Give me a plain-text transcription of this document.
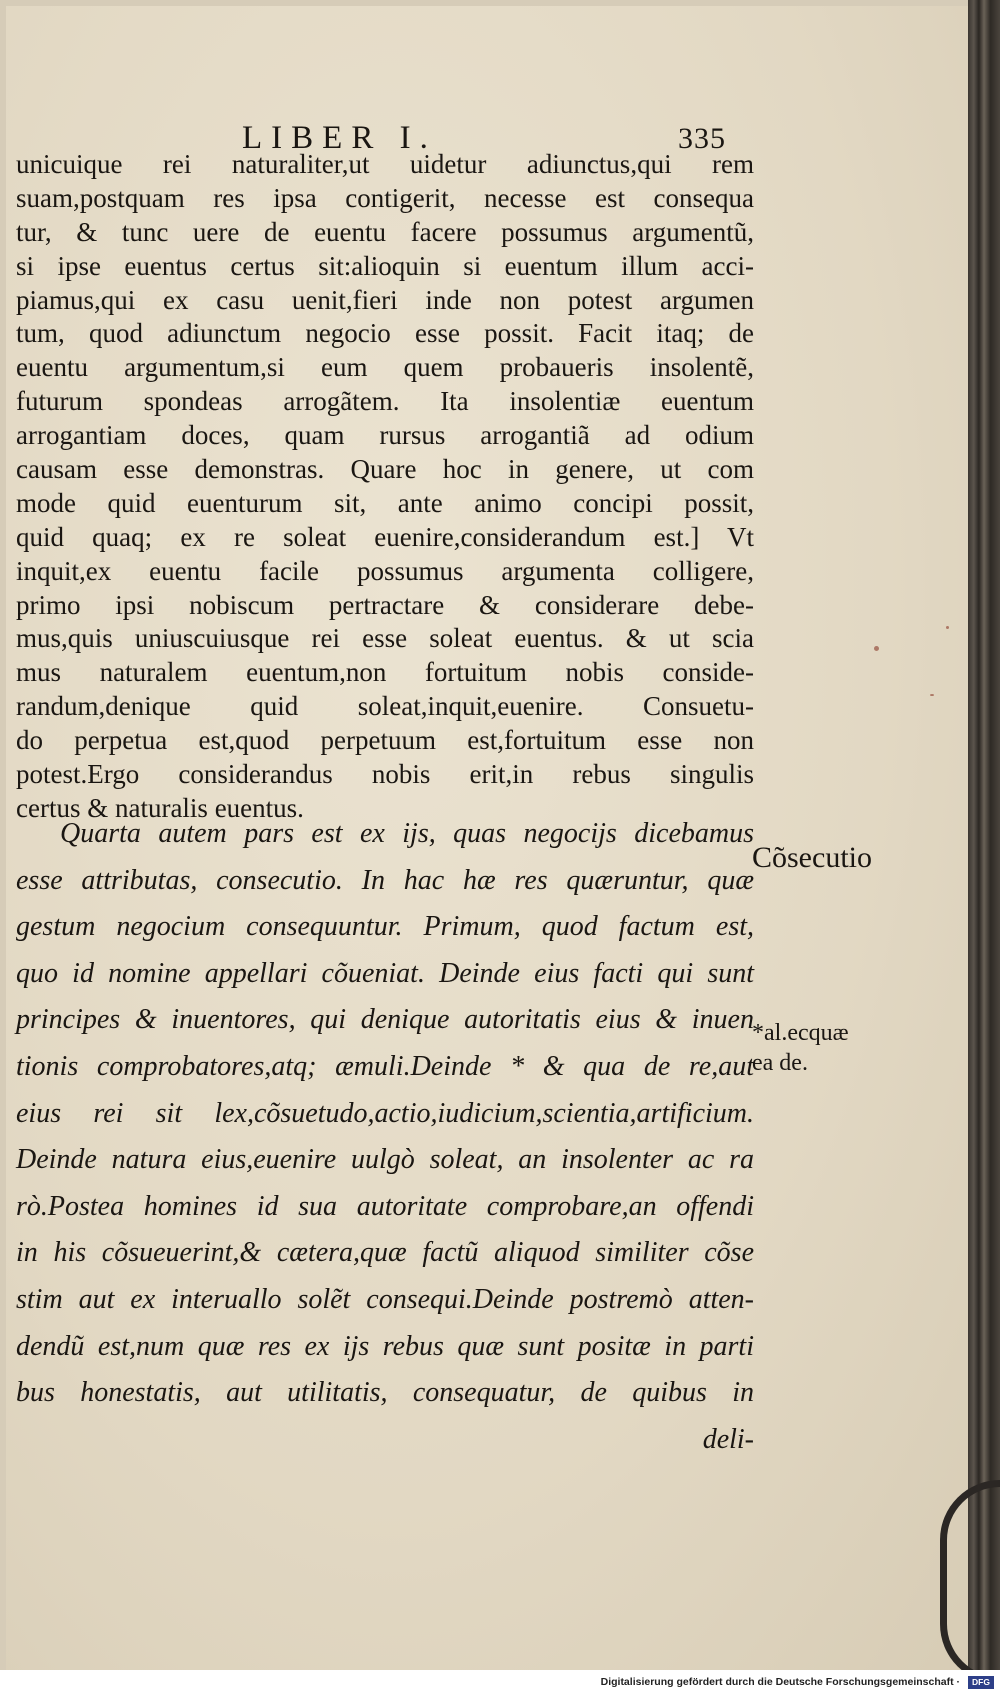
LIBER I.	335
unicuique rei naturaliter,ut uidetur adiunctus,qui rem
suam,postquam res ipsa contigerit, necesse est consequa
tur, & tunc uere de euentu facere possumus argumentũ,
si ipse euentus certus sit:alioquin si euentum illum acci-
piamus,qui ex casu uenit,fieri inde non potest argumen
tum, quod adiunctum negocio esse possit. Facit itaq; de
euentu argumentum,si eum quem probaueris insolentẽ,
futurum spondeas arrogãtem. Ita insolentiæ euentum
arrogantiam doces, quam rursus arrogantiã ad odium
causam esse demonstras. Quare hoc in genere, ut com
mode quid euenturum sit, ante animo concipi possit,
quid quaq; ex re soleat euenire,considerandum est.] Vt
inquit,ex euentu facile possumus argumenta colligere,
primo ipsi nobiscum pertractare & considerare debe-
mus,quis uniuscuiusque rei esse soleat euentus. & ut scia
mus naturalem euentum,non fortuitum nobis conside-
randum,denique quid soleat,inquit,euenire. Consuetu-
do perpetua est,quod perpetuum est,fortuitum esse non
potest.Ergo considerandus nobis erit,in rebus singulis
certus & naturalis euentus.
Quarta autem pars est ex ijs, quas negocijs dicebamus
esse attributas, consecutio. In hac hæ res quæruntur, quæ
gestum negocium consequuntur. Primum, quod factum est,
quo id nomine appellari cõueniat. Deinde eius facti qui sunt
principes & inuentores, qui denique autoritatis eius & inuen
tionis comprobatores,atq; æmuli.Deinde * & qua de re,aut
eius rei sit lex,cõsuetudo,actio,iudicium,scientia,artificium.
Deinde natura eius,euenire uulgò soleat, an insolenter ac ra
rò.Postea homines id sua autoritate comprobare,an offendi
in his cõsueuerint,& cætera,quæ factũ aliquod similiter cõse
stim aut ex interuallo solẽt consequi.Deinde postremò atten-
dendũ est,num quæ res ex ijs rebus quæ sunt positæ in parti
bus honestatis, aut utilitatis, consequatur, de quibus in
deli-
Cõsecutio
*al.ecquæ ea de.
Digitalisierung gefördert durch die Deutsche Forschungsgemeinschaft ·	DFG
